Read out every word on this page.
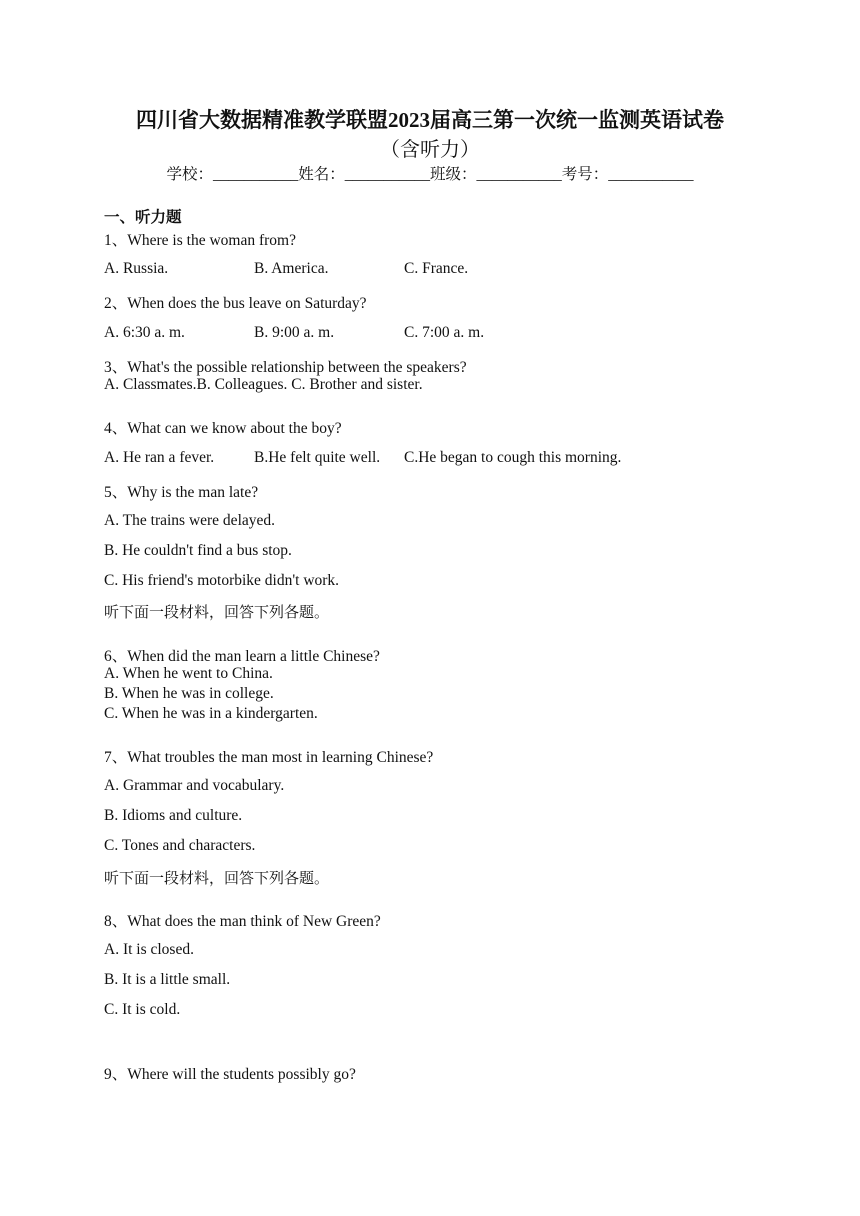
四川省大数据精准教学联盟2023届高三第一次统一监测英语试卷
（含听力）
学校：___________姓名：___________班级：___________考号：___________
一、听力题
1、Where is the woman from?
A. Russia.	B. America.	C. France.
2、When does the bus leave on Saturday?
A. 6:30 a. m.	B. 9:00 a. m.	C. 7:00 a. m.
3、What's the possible relationship between the speakers?
A. Classmates.B. Colleagues. C. Brother and sister.
4、What can we know about the boy?
A. He ran a fever.	B.He felt quite well. C.He began to cough this morning.
5、Why is the man late?
A. The trains were delayed.
B. He couldn't find a bus stop.
C. His friend's motorbike didn't work.
听下面一段材料，回答下列各题。
6、When did the man learn a little Chinese?
A. When he went to China.
B. When he was in college.
C. When he was in a kindergarten.
7、What troubles the man most in learning Chinese?
A. Grammar and vocabulary.
B. Idioms and culture.
C. Tones and characters.
听下面一段材料，回答下列各题。
8、What does the man think of New Green?
A. It is closed.
B. It is a little small.
C. It is cold.
9、Where will the students possibly go?
